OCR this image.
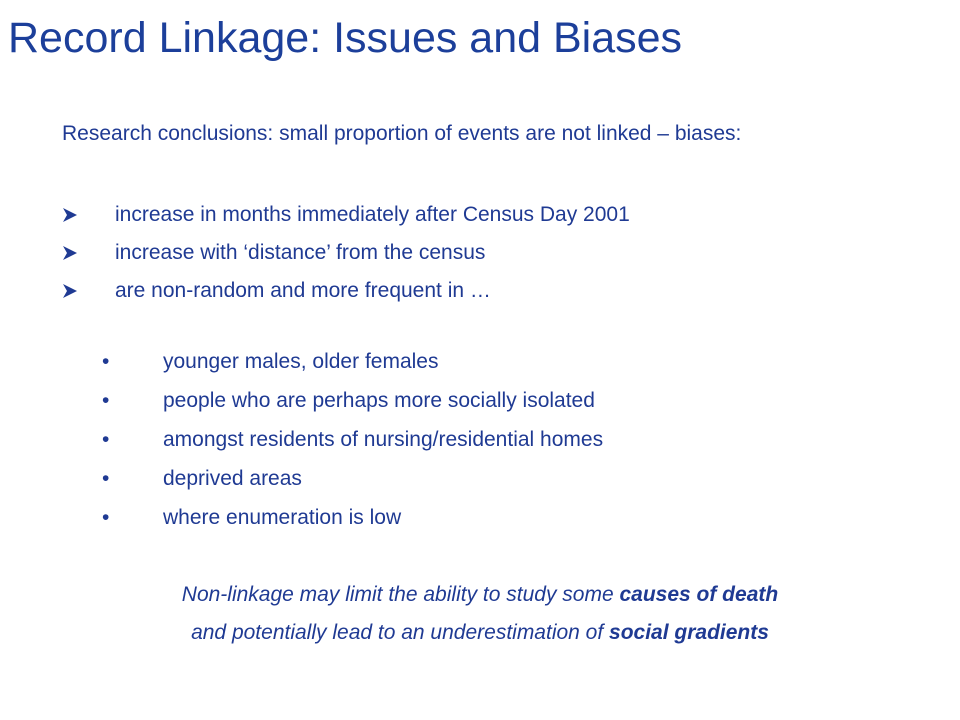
Record Linkage: Issues and Biases
Research conclusions: small proportion of events are not linked – biases:
increase in months immediately after Census Day 2001
increase with ‘distance’ from the census
are non-random and more frequent in …
•	younger males, older females
•	people who are perhaps more socially isolated
•	amongst residents of nursing/residential homes
•	deprived areas
•	where enumeration is low
Non-linkage may limit the ability to study some causes of death
and potentially lead to an underestimation of social gradients
